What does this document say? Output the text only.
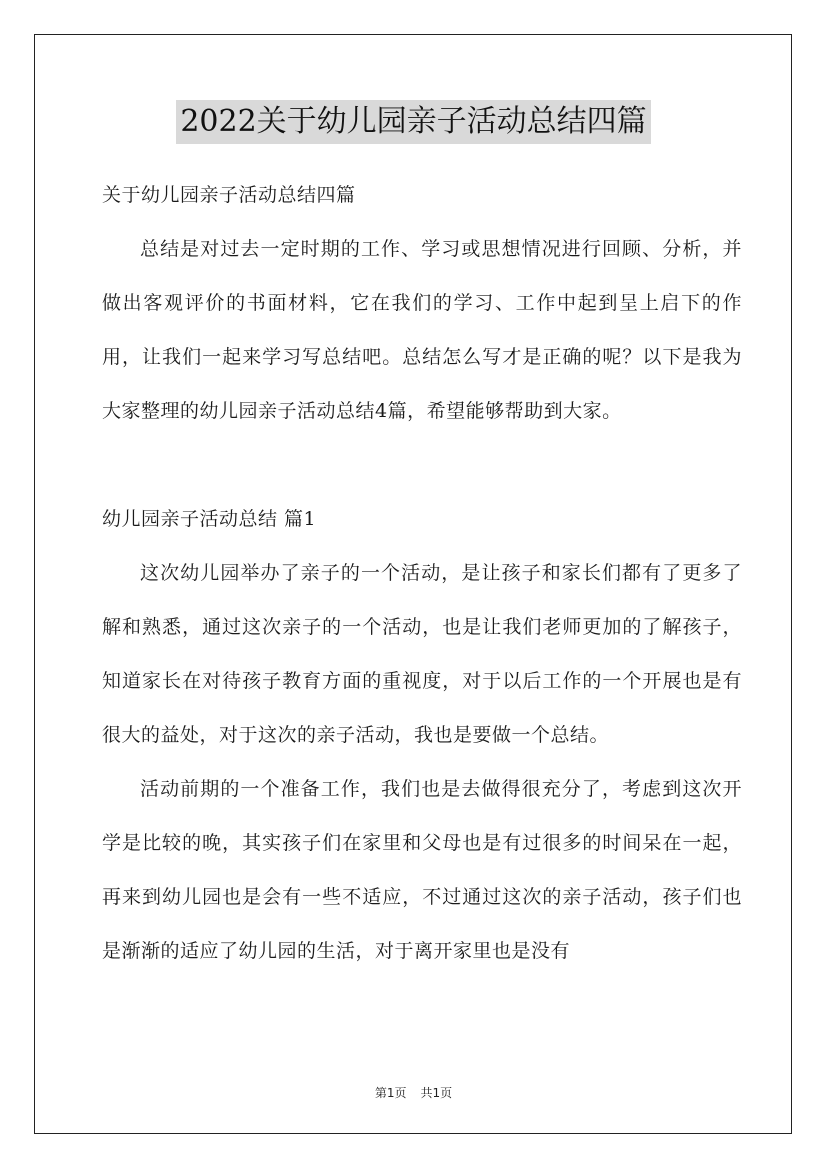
2022关于幼儿园亲子活动总结四篇

关于幼儿园亲子活动总结四篇

总结是对过去一定时期的工作、学习或思想情况进行回顾、分析，并做出客观评价的书面材料，它在我们的学习、工作中起到呈上启下的作用，让我们一起来学习写总结吧。总结怎么写才是正确的呢？以下是我为大家整理的幼儿园亲子活动总结4篇，希望能够帮助到大家。

幼儿园亲子活动总结 篇1

这次幼儿园举办了亲子的一个活动，是让孩子和家长们都有了更多了解和熟悉，通过这次亲子的一个活动，也是让我们老师更加的了解孩子，知道家长在对待孩子教育方面的重视度，对于以后工作的一个开展也是有很大的益处，对于这次的亲子活动，我也是要做一个总结。

活动前期的一个准备工作，我们也是去做得很充分了，考虑到这次开学是比较的晚，其实孩子们在家里和父母也是有过很多的时间呆在一起，再来到幼儿园也是会有一些不适应，不过通过这次的亲子活动，孩子们也是渐渐的适应了幼儿园的生活，对于离开家里也是没有

第1页 共1页
